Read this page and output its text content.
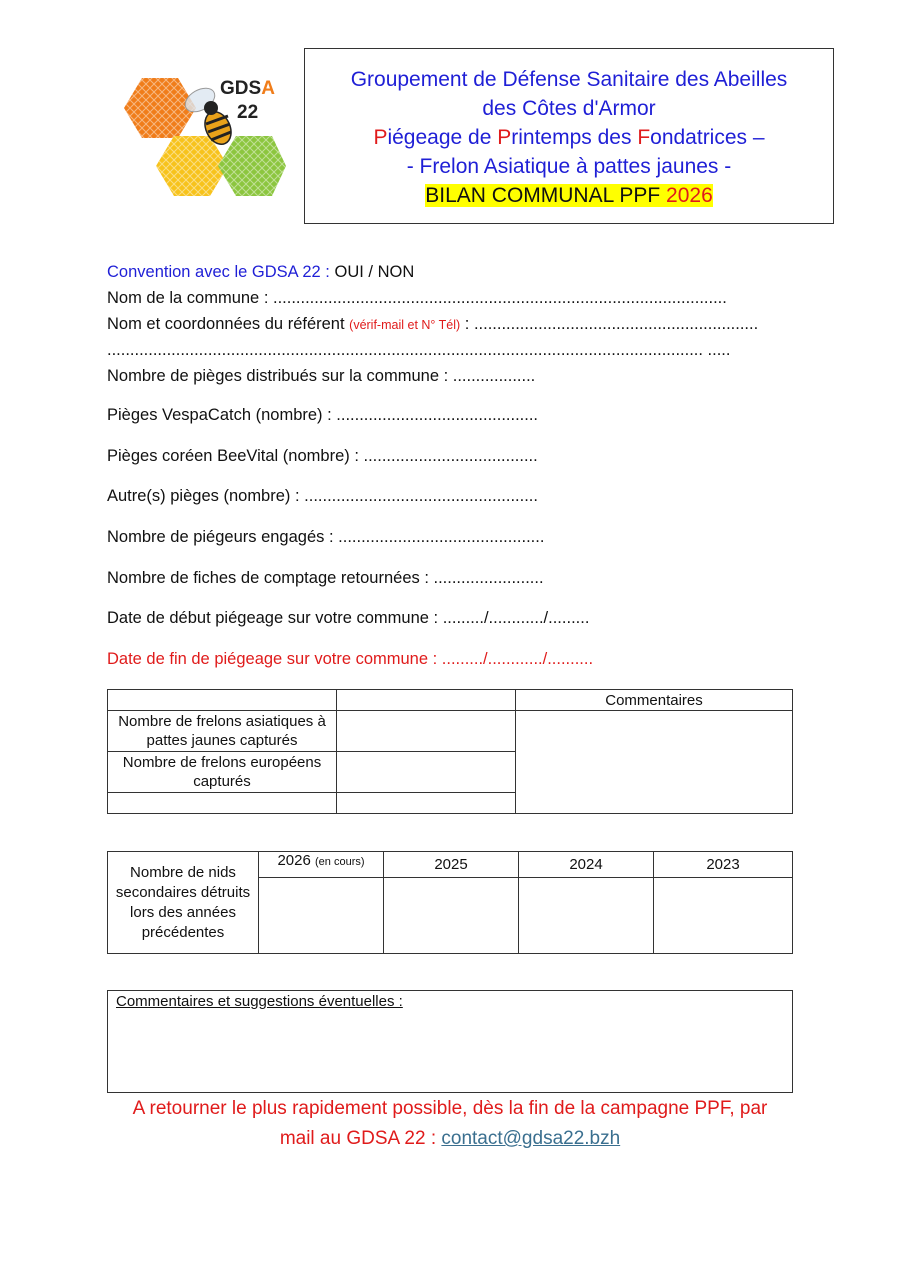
GDSA
22
Groupement de Défense Sanitaire des Abeilles
des Côtes d'Armor
Piégeage de Printemps des Fondatrices –
- Frelon Asiatique à pattes jaunes -
BILAN COMMUNAL PPF 2026
Convention avec le GDSA 22 : OUI / NON
Nom de la commune : ...................................................................................................
Nom et coordonnées du référent (vérif-mail et N° Tél) : ..............................................................
.................................................................................................................................. .....
Nombre de pièges distribués sur la commune : ..................
Pièges VespaCatch (nombre) : ............................................
Pièges coréen BeeVital (nombre) : ......................................
Autre(s) pièges (nombre) : ...................................................
Nombre de piégeurs engagés : .............................................
Nombre de fiches de comptage retournées : ........................
Date de début piégeage sur votre commune : ........./............/.........
Date de fin de piégeage sur votre commune : ........./............/..........
		Commentaires
Nombre de frelons asiatiques à pattes jaunes capturés		
Nombre de frelons européens capturés		

Nombre de nids secondaires détruits lors des années précédentes	2026 (en cours)	2025	2024	2023

Commentaires et suggestions éventuelles :
A retourner le plus rapidement possible, dès la fin de la campagne PPF, par
mail au GDSA 22 : contact@gdsa22.bzh
